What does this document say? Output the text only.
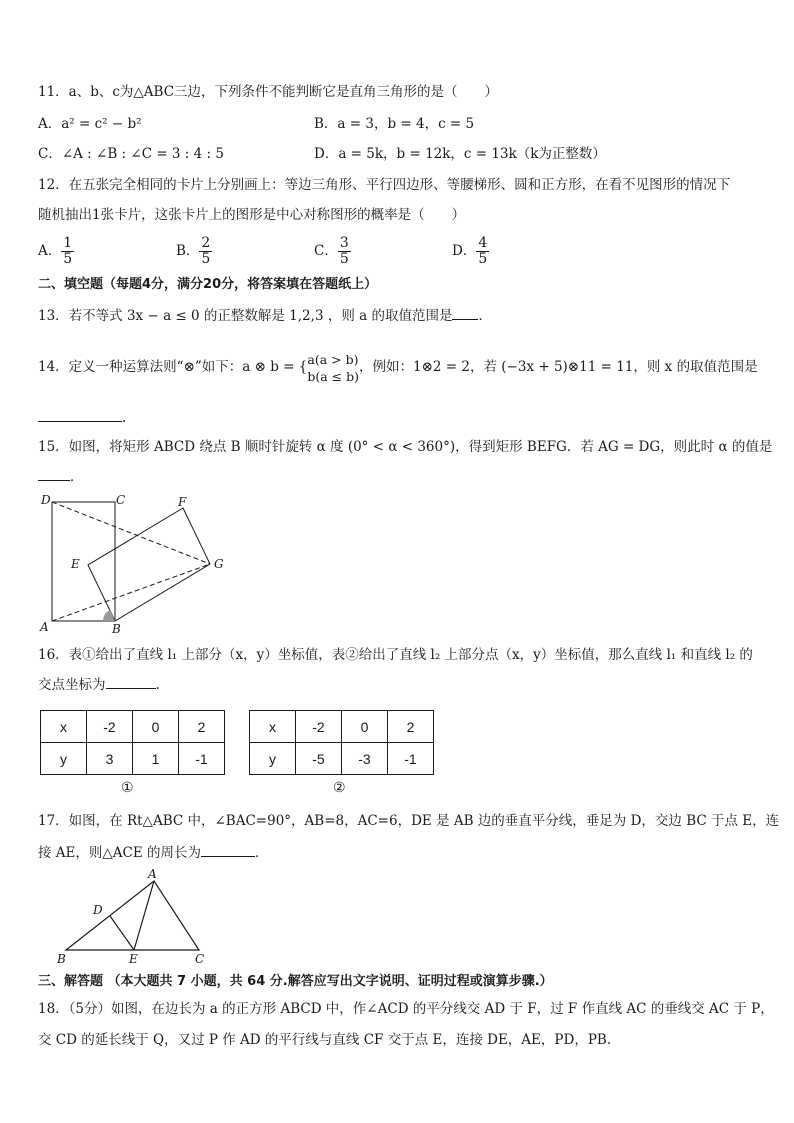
11．a、b、c为△ABC三边，下列条件不能判断它是直角三角形的是（　　）
A．a² = c² − b²	B．a = 3，b = 4，c = 5
C．∠A : ∠B : ∠C = 3 : 4 : 5	D．a = 5k，b = 12k，c = 13k（k为正整数）
12．在五张完全相同的卡片上分别画上：等边三角形、平行四边形、等腰梯形、圆和正方形，在看不见图形的情况下
随机抽出1张卡片，这张卡片上的图形是中心对称图形的概率是（　　）
A． $\frac{1}{5}$	B． $\frac{2}{5}$	C． $\frac{3}{5}$	D． $\frac{4}{5}$
二、填空题（每题4分，满分20分，将答案填在答题纸上）
13．若不等式 3x − a ≤ 0 的正整数解是 1,2,3 ，则 a 的取值范围是 ．
14．定义一种运算法则“⊗”如下：a ⊗ b = { a(a > b)
b(a ≤ b)
，例如：1⊗2 = 2，若 (−3x + 5)⊗11 = 11，则 x 的取值范围是
.
15．如图，将矩形 ABCD 绕点 B 顺时针旋转 α 度 (0° < α < 360°)，得到矩形 BEFG．若 AG = DG，则此时 α 的值是
．
D	C	F
E	G
A	B
16．表①给出了直线 l₁ 上部分（x，y）坐标值，表②给出了直线 l₂ 上部分点（x，y）坐标值，那么直线 l₁ 和直线 l₂ 的
交点坐标为	.
x	-2	0	2
y	3	1	-1
①
x	-2	0	2
y	-5	-3	-1
②
17．如图，在 Rt△ABC 中，∠BAC=90°，AB=8，AC=6，DE 是 AB 边的垂直平分线，垂足为 D，交边 BC 于点 E，连
接 AE，则△ACE 的周长为	．
A
D
B	E	C
三、解答题 （本大题共 7 小题，共 64 分.解答应写出文字说明、证明过程或演算步骤.）
18．（5分）如图，在边长为 a 的正方形 ABCD 中，作∠ACD 的平分线交 AD 于 F，过 F 作直线 AC 的垂线交 AC 于 P，
交 CD 的延长线于 Q，又过 P 作 AD 的平行线与直线 CF 交于点 E，连接 DE，AE，PD，PB.
